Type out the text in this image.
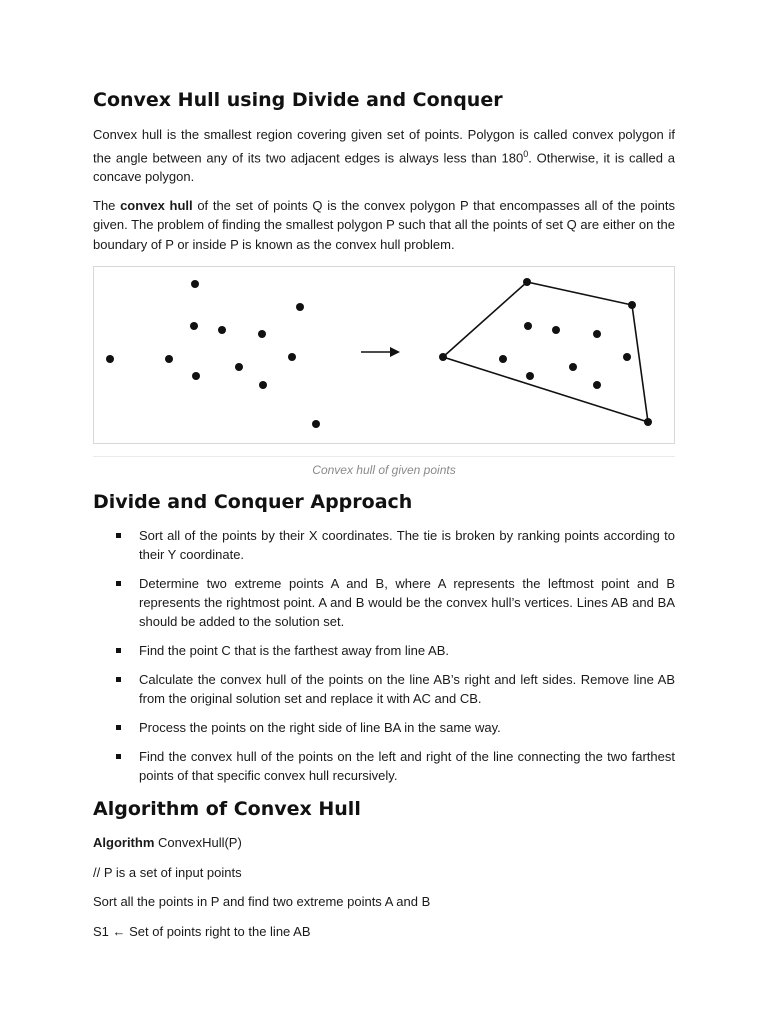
Convex Hull using Divide and Conquer

Convex hull is the smallest region covering given set of points. Polygon is called convex polygon if the angle between any of its two adjacent edges is always less than $180^0$. Otherwise, it is called a concave polygon.

The convex hull of the set of points Q is the convex polygon P that encompasses all of the points given. The problem of finding the smallest polygon P such that all the points of set Q are either on the boundary of P or inside P is known as the convex hull problem.

Convex hull of given points
Divide and Conquer Approach
Sort all of the points by their X coordinates. The tie is broken by ranking points according to their Y coordinate.
Determine two extreme points A and B, where A represents the leftmost point and B represents the rightmost point. A and B would be the convex hull’s vertices. Lines AB and BA should be added to the solution set.
Find the point C that is the farthest away from line AB.
Calculate the convex hull of the points on the line AB’s right and left sides. Remove line AB from the original solution set and replace it with AC and CB.
Process the points on the right side of line BA in the same way.
Find the convex hull of the points on the left and right of the line connecting the two farthest points of that specific convex hull recursively.
Algorithm of Convex Hull

Algorithm ConvexHull(P)

// P is a set of input points

Sort all the points in P and find two extreme points A and B

S1 ← Set of points right to the line AB
